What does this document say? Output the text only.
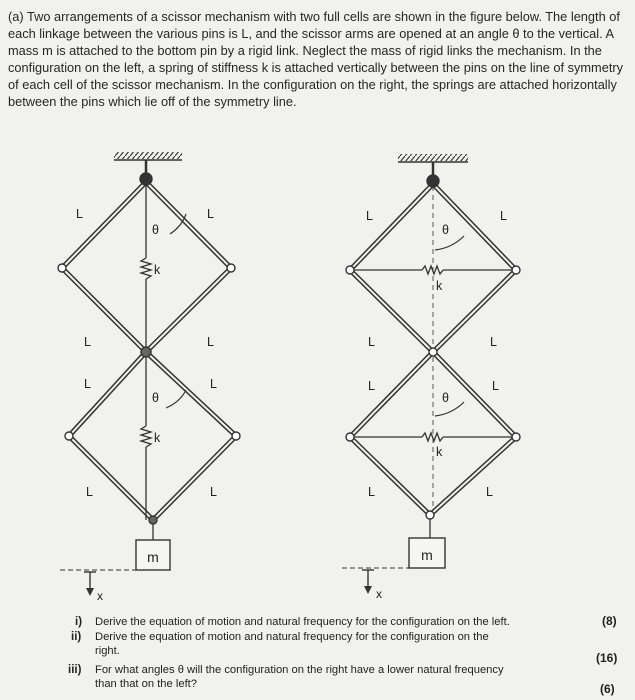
(a) Two arrangements of a scissor mechanism with two full cells are shown in the figure below. The length of each linkage between the various pins is L, and the scissor arms are opened at an angle θ to the vertical. A mass m is attached to the bottom pin by a rigid link. Neglect the mass of rigid links the mechanism. In the configuration on the left, a spring of stiffness k is attached vertically between the pins on the line of symmetry of each cell of the scissor mechanism. In the configuration on the right, the springs are attached horizontally between the pins which lie off of the symmetry line.
m
x
L	L
L	L
L	L
L	L
θ
θ
k
k
m
x
L	L
L	L
L	L
L	L
θ
θ
k
k
i) Derive the equation of motion and natural frequency for the configuration on the left.	(8)
ii) Derive the equation of motion and natural frequency for the configuration on the
right.	(16)
iii) For what angles θ will the configuration on the right have a lower natural frequency
than that on the left?	(6)
